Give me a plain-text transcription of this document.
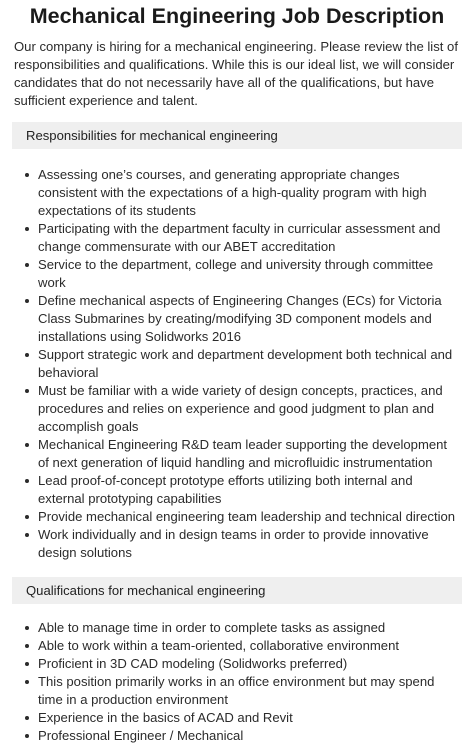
Mechanical Engineering Job Description

Our company is hiring for a mechanical engineering. Please review the list of responsibilities and qualifications. While this is our ideal list, we will consider candidates that do not necessarily have all of the qualifications, but have sufficient experience and talent.

Responsibilities for mechanical engineering
Assessing one’s courses, and generating appropriate changes consistent with the expectations of a high-quality program with high expectations of its students
Participating with the department faculty in curricular assessment and change commensurate with our ABET accreditation
Service to the department, college and university through committee work
Define mechanical aspects of Engineering Changes (ECs) for Victoria Class Submarines by creating/modifying 3D component models and installations using Solidworks 2016
Support strategic work and department development both technical and behavioral
Must be familiar with a wide variety of design concepts, practices, and procedures and relies on experience and good judgment to plan and accomplish goals
Mechanical Engineering R&D team leader supporting the development of next generation of liquid handling and microfluidic instrumentation
Lead proof-of-concept prototype efforts utilizing both internal and external prototyping capabilities
Provide mechanical engineering team leadership and technical direction
Work individually and in design teams in order to provide innovative design solutions
Qualifications for mechanical engineering
Able to manage time in order to complete tasks as assigned
Able to work within a team-oriented, collaborative environment
Proficient in 3D CAD modeling (Solidworks preferred)
This position primarily works in an office environment but may spend time in a production environment
Experience in the basics of ACAD and Revit
Professional Engineer / Mechanical
